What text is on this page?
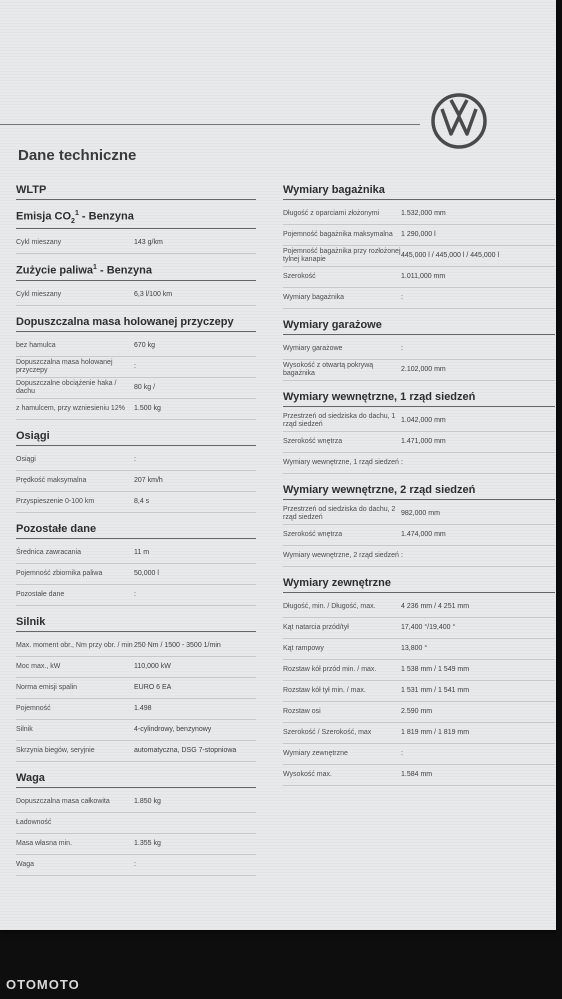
Dane techniczne
WLTP
Emisja $CO_2^1$ - Benzyna
Cykl mieszany	143 g/km
Zużycie paliwa$^1$ - Benzyna
Cykl mieszany	6,3 l/100 km
Dopuszczalna masa holowanej przyczepy
bez hamulca	670 kg
Dopuszczalna masa holowanej przyczepy
:
Dopuszczalne obciążenie haka / dachu
80 kg /
z hamulcem, przy wzniesieniu 12%	1.500 kg
Osiągi
Osiągi	:
Prędkość maksymalna	207 km/h
Przyspieszenie 0-100 km	8,4 s
Pozostałe dane
Średnica zawracania	11 m
Pojemność zbiornika paliwa	50,000 l
Pozostałe dane	:
Silnik
Max. moment obr., Nm przy obr. / min 250 Nm / 1500 - 3500 1/min
Moc max., kW	110,000 kW
Norma emisji spalin	EURO 6 EA
Pojemność	1.498
Silnik	4-cylindrowy, benzynowy
Skrzynia biegów, seryjnie	automatyczna, DSG 7-stopniowa
Waga
Dopuszczalna masa całkowita	1.850 kg
Ładowność
Masa własna min.	1.355 kg
Waga	:
Wymiary bagażnika
Długość z oparciami złożonymi	1.532,000 mm
Pojemność bagażnika maksymalna	1 290,000 l
Pojemność bagażnika przy rozłożonej tylnej kanapie
445,000 l / 445,000 l / 445,000 l
Szerokość	1.011,000 mm
Wymiary bagażnika	:
Wymiary garażowe
Wymiary garażowe	:
Wysokość z otwartą pokrywą bagażnika
2.102,000 mm
Wymiary wewnętrzne, 1 rząd siedzeń
Przestrzeń od siedziska do dachu, 1 rząd siedzeń
1.042,000 mm
Szerokość wnętrza	1.471,000 mm
Wymiary wewnętrzne, 1 rząd siedzeń :
Wymiary wewnętrzne, 2 rząd siedzeń
Przestrzeń od siedziska do dachu, 2 rząd siedzeń
982,000 mm
Szerokość wnętrza	1.474,000 mm
Wymiary wewnętrzne, 2 rząd siedzeń :
Wymiary zewnętrzne
Długość, min. / Długość, max.	4 236 mm / 4 251 mm
Kąt natarcia przód/tył	17,400 °/19,400 °
Kąt rampowy	13,800 °
Rozstaw kół przód min. / max.	1 538 mm / 1 549 mm
Rozstaw kół tył min. / max.	1 531 mm / 1 541 mm
Rozstaw osi	2.590 mm
Szerokość / Szerokość, max	1 819 mm / 1 819 mm
Wymiary zewnętrzne	:
Wysokość max.	1.584 mm
OTOMOTO
